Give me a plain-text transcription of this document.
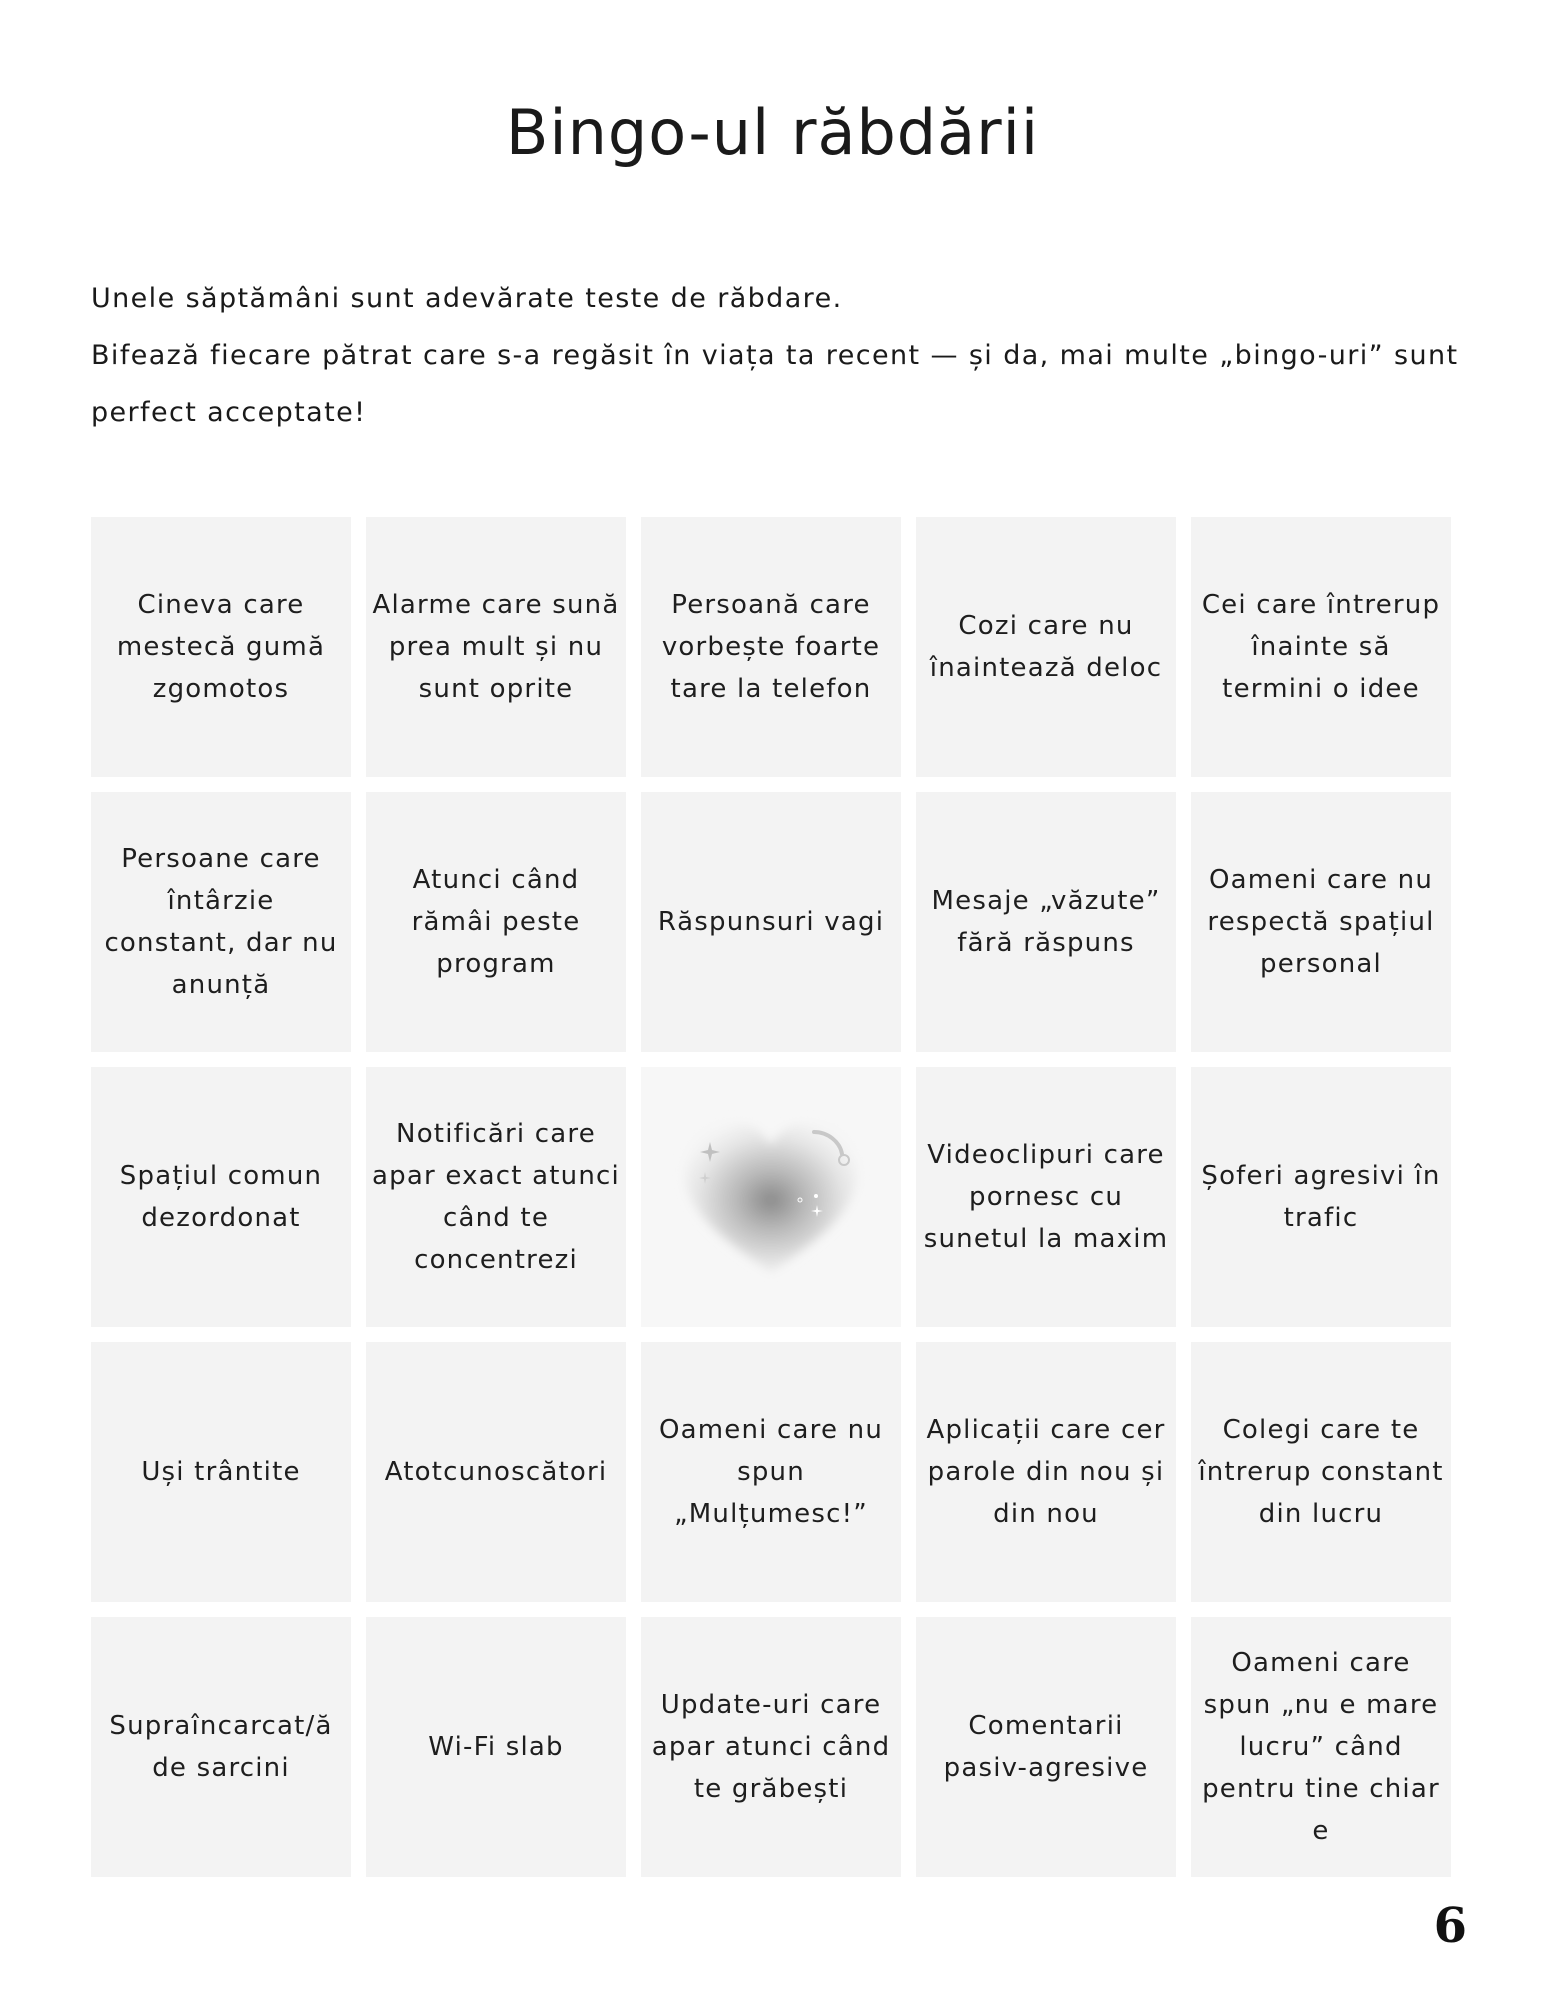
Bingo-ul răbdării

Unele săptămâni sunt adevărate teste de răbdare.

Bifează fiecare pătrat care s-a regăsit în viața ta recent — și da, mai multe „bingo-uri” sunt perfect acceptate!

Cineva care mestecă gumă zgomotos
Alarme care sună prea mult și nu sunt oprite
Persoană care vorbește foarte tare la telefon
Cozi care nu înaintează deloc
Cei care întrerup înainte să termini o idee
Persoane care întârzie constant, dar nu anunță
Atunci când rămâi peste program
Răspunsuri vagi
Mesaje „văzute” fără răspuns
Oameni care nu respectă spațiul personal
Spațiul comun dezordonat
Notificări care apar exact atunci când te concentrezi
Videoclipuri care pornesc cu sunetul la maxim
Șoferi agresivi în trafic
Uși trântite	Atotcunoscători
Oameni care nu spun „Mulțumesc!”
Aplicații care cer parole din nou și din nou
Colegi care te întrerup constant din lucru
Supraîncarcat/ă de sarcini
Wi-Fi slab
Update-uri care apar atunci când te grăbești
Comentarii pasiv-agresive
Oameni care spun „nu e mare lucru” când pentru tine chiar e
6
